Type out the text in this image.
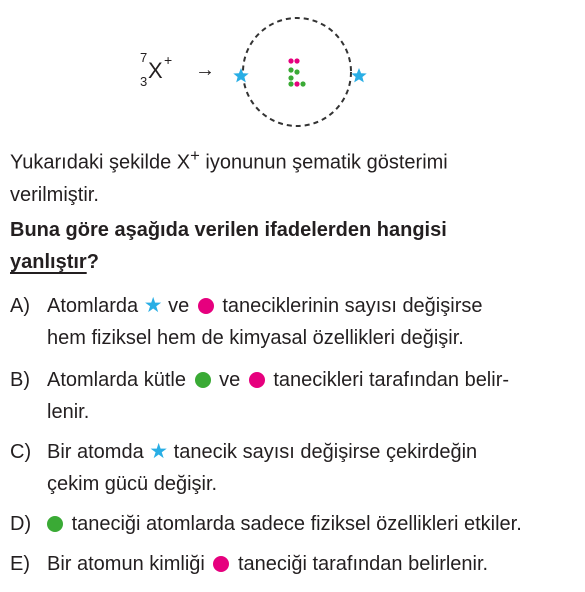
7
3 X + →
Yukarıdaki şekilde X+ iyonunun şematik gösterimi
verilmiştir.
Buna göre aşağıda verilen ifadelerden hangisi
yanlıştır?
A) Atomlarda ★ ve taneciklerinin sayısı değişirse
hem fiziksel hem de kimyasal özellikleri değişir.
B) Atomlarda kütle ve tanecikleri tarafından belir-
lenir.
C) Bir atomda ★ tanecik sayısı değişirse çekirdeğin
çekim gücü değişir.
D)	taneciği atomlarda sadece fiziksel özellikleri etkiler.
E) Bir atomun kimliği taneciği tarafından belirlenir.
